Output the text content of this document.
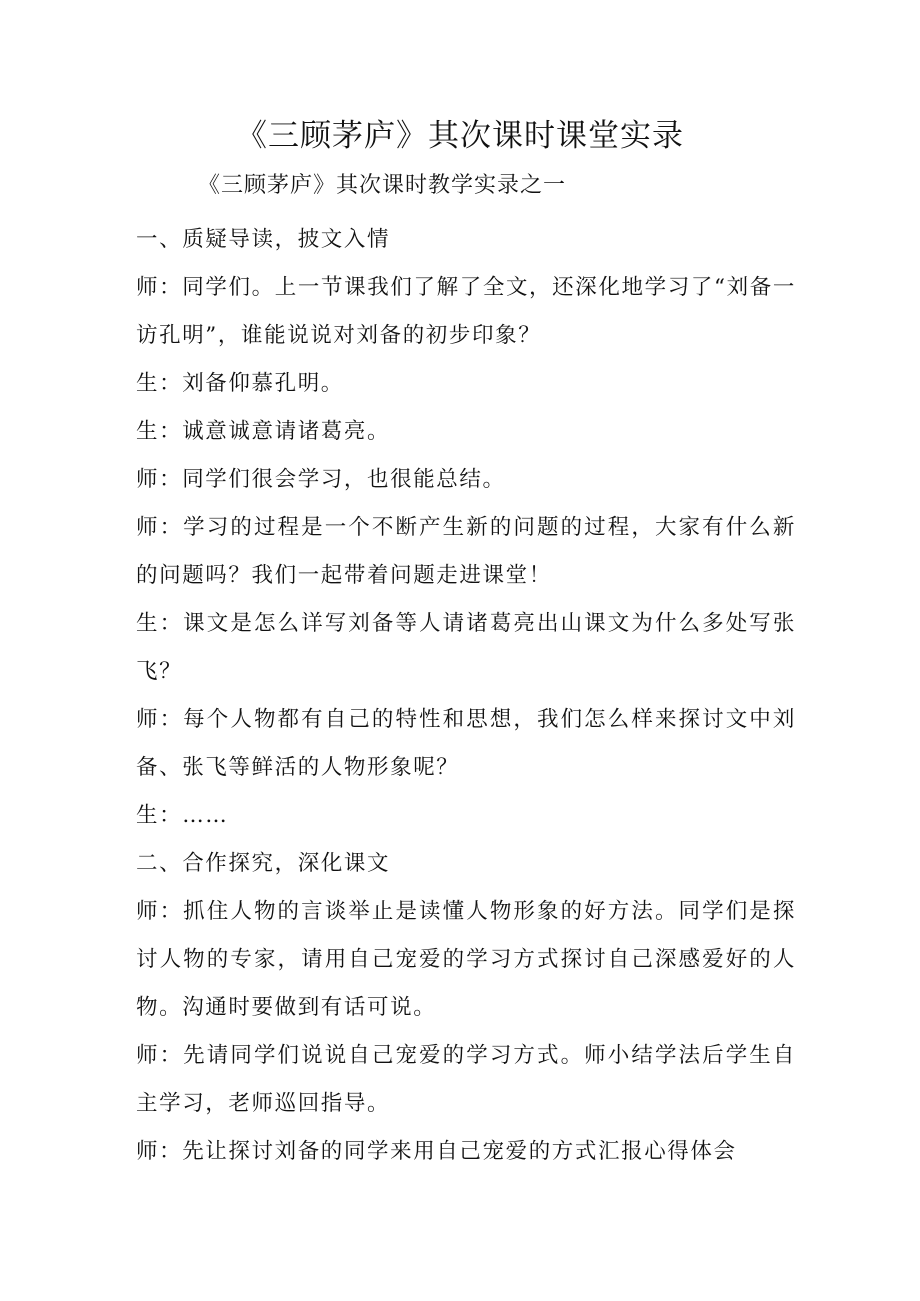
《三顾茅庐》其次课时课堂实录

《三顾茅庐》其次课时教学实录之一

一、质疑导读，披文入情

师：同学们。上一节课我们了解了全文，还深化地学习了“刘备一访孔明”，谁能说说对刘备的初步印象？

生：刘备仰慕孔明。

生：诚意诚意请诸葛亮。

师：同学们很会学习，也很能总结。

师：学习的过程是一个不断产生新的问题的过程，大家有什么新的问题吗？我们一起带着问题走进课堂！

生：课文是怎么详写刘备等人请诸葛亮出山课文为什么多处写张飞？

师：每个人物都有自己的特性和思想，我们怎么样来探讨文中刘备、张飞等鲜活的人物形象呢？

生：……

二、合作探究，深化课文

师：抓住人物的言谈举止是读懂人物形象的好方法。同学们是探讨人物的专家，请用自己宠爱的学习方式探讨自己深感爱好的人物。沟通时要做到有话可说。

师：先请同学们说说自己宠爱的学习方式。师小结学法后学生自主学习，老师巡回指导。

师：先让探讨刘备的同学来用自己宠爱的方式汇报心得体会
